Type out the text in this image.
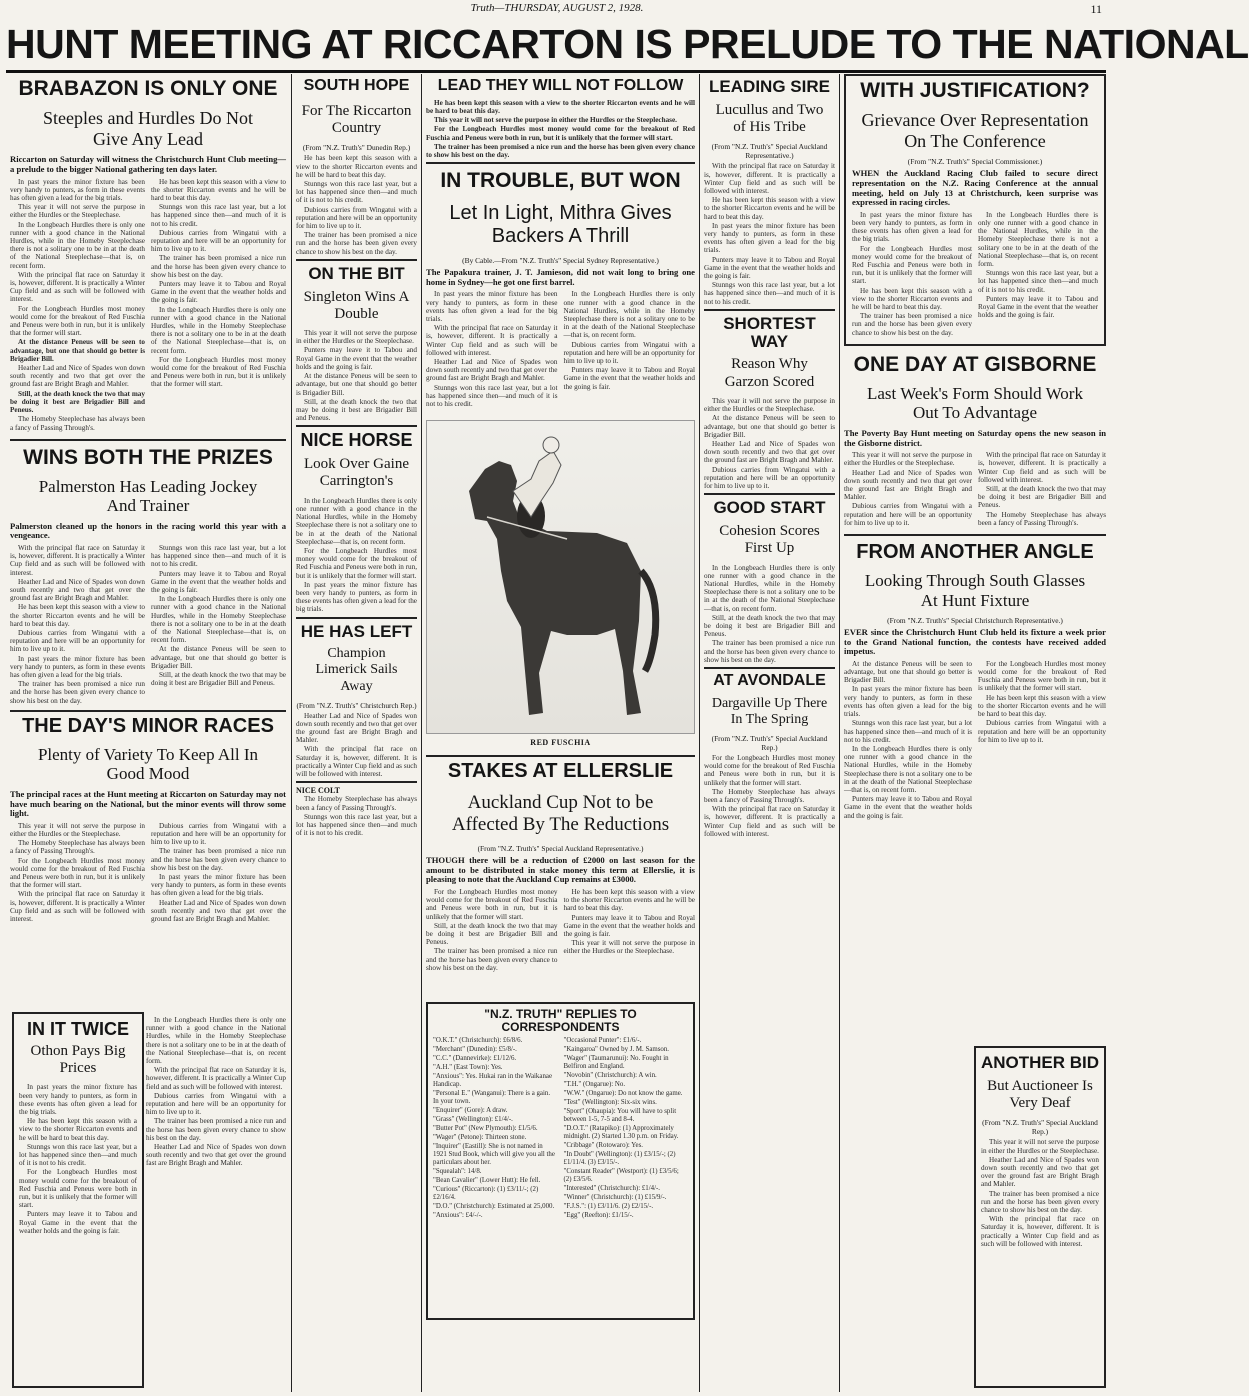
Truth—THURSDAY, AUGUST 2, 1928.	11
HUNT MEETING AT RICCARTON IS PRELUDE TO THE NATIONAL
BRABAZON IS ONLY ONE
Steeples and Hurdles Do Not Give Any Lead
Riccarton on Saturday will witness the Christchurch Hunt Club meeting—a prelude to the bigger National gathering ten days later.

In past years the minor fixture has been very handy to punters, as form in these events has often given a lead for the big trials.

This year it will not serve the purpose in either the Hurdles or the Steeplechase.

In the Longbeach Hurdles there is only one runner with a good chance in the National Hurdles, while in the Homeby Steeplechase there is not a solitary one to be in at the death of the National Steeplechase—that is, on recent form.

With the principal flat race on Saturday it is, however, different. It is practically a Winter Cup field and as such will be followed with interest.

For the Longbeach Hurdles most money would come for the breakout of Red Fuschia and Peneus were both in run, but it is unlikely that the former will start.

At the distance Peneus will be seen to advantage, but one that should go better is Brigadier Bill.

Heather Lad and Nice of Spades won down south recently and two that get over the ground fast are Bright Bragh and Mahler.

Still, at the death knock the two that may be doing it best are Brigadier Bill and Peneus.

The Homeby Steeplechase has always been a fancy of Passing Through's.

He has been kept this season with a view to the shorter Riccarton events and he will be hard to beat this day.

Stunngs won this race last year, but a lot has happened since then—and much of it is not to his credit.

Dubious carries from Wingatui with a reputation and here will be an opportunity for him to live up to it.

The trainer has been promised a nice run and the horse has been given every chance to show his best on the day.

Punters may leave it to Tabou and Royal Game in the event that the weather holds and the going is fair.

In the Longbeach Hurdles there is only one runner with a good chance in the National Hurdles, while in the Homeby Steeplechase there is not a solitary one to be in at the death of the National Steeplechase—that is, on recent form.

For the Longbeach Hurdles most money would come for the breakout of Red Fuschia and Peneus were both in run, but it is unlikely that the former will start.

WINS BOTH THE PRIZES
Palmerston Has Leading Jockey And Trainer
Palmerston cleaned up the honors in the racing world this year with a vengeance.

With the principal flat race on Saturday it is, however, different. It is practically a Winter Cup field and as such will be followed with interest.

Heather Lad and Nice of Spades won down south recently and two that get over the ground fast are Bright Bragh and Mahler.

He has been kept this season with a view to the shorter Riccarton events and he will be hard to beat this day.

Dubious carries from Wingatui with a reputation and here will be an opportunity for him to live up to it.

In past years the minor fixture has been very handy to punters, as form in these events has often given a lead for the big trials.

The trainer has been promised a nice run and the horse has been given every chance to show his best on the day.

Stunngs won this race last year, but a lot has happened since then—and much of it is not to his credit.

Punters may leave it to Tabou and Royal Game in the event that the weather holds and the going is fair.

In the Longbeach Hurdles there is only one runner with a good chance in the National Hurdles, while in the Homeby Steeplechase there is not a solitary one to be in at the death of the National Steeplechase—that is, on recent form.

At the distance Peneus will be seen to advantage, but one that should go better is Brigadier Bill.

Still, at the death knock the two that may be doing it best are Brigadier Bill and Peneus.

THE DAY'S MINOR RACES
Plenty of Variety To Keep All In Good Mood
The principal races at the Hunt meeting at Riccarton on Saturday may not have much bearing on the National, but the minor events will throw some light.

This year it will not serve the purpose in either the Hurdles or the Steeplechase.

The Homeby Steeplechase has always been a fancy of Passing Through's.

For the Longbeach Hurdles most money would come for the breakout of Red Fuschia and Peneus were both in run, but it is unlikely that the former will start.

With the principal flat race on Saturday it is, however, different. It is practically a Winter Cup field and as such will be followed with interest.

Dubious carries from Wingatui with a reputation and here will be an opportunity for him to live up to it.

The trainer has been promised a nice run and the horse has been given every chance to show his best on the day.

In past years the minor fixture has been very handy to punters, as form in these events has often given a lead for the big trials.

Heather Lad and Nice of Spades won down south recently and two that get over the ground fast are Bright Bragh and Mahler.

IN IT TWICE
Othon Pays Big Prices

In past years the minor fixture has been very handy to punters, as form in these events has often given a lead for the big trials.

He has been kept this season with a view to the shorter Riccarton events and he will be hard to beat this day.

Stunngs won this race last year, but a lot has happened since then—and much of it is not to his credit.

For the Longbeach Hurdles most money would come for the breakout of Red Fuschia and Peneus were both in run, but it is unlikely that the former will start.

Punters may leave it to Tabou and Royal Game in the event that the weather holds and the going is fair.

In the Longbeach Hurdles there is only one runner with a good chance in the National Hurdles, while in the Homeby Steeplechase there is not a solitary one to be in at the death of the National Steeplechase—that is, on recent form.

With the principal flat race on Saturday it is, however, different. It is practically a Winter Cup field and as such will be followed with interest.

Dubious carries from Wingatui with a reputation and here will be an opportunity for him to live up to it.

The trainer has been promised a nice run and the horse has been given every chance to show his best on the day.

Heather Lad and Nice of Spades won down south recently and two that get over the ground fast are Bright Bragh and Mahler.

SOUTH HOPE
For The Riccarton Country
(From "N.Z. Truth's" Dunedin Rep.)

He has been kept this season with a view to the shorter Riccarton events and he will be hard to beat this day.

Stunngs won this race last year, but a lot has happened since then—and much of it is not to his credit.

Dubious carries from Wingatui with a reputation and here will be an opportunity for him to live up to it.

The trainer has been promised a nice run and the horse has been given every chance to show his best on the day.

ON THE BIT
Singleton Wins A Double

This year it will not serve the purpose in either the Hurdles or the Steeplechase.

Punters may leave it to Tabou and Royal Game in the event that the weather holds and the going is fair.

At the distance Peneus will be seen to advantage, but one that should go better is Brigadier Bill.

Still, at the death knock the two that may be doing it best are Brigadier Bill and Peneus.

NICE HORSE
Look Over Gaine Carrington's

In the Longbeach Hurdles there is only one runner with a good chance in the National Hurdles, while in the Homeby Steeplechase there is not a solitary one to be in at the death of the National Steeplechase—that is, on recent form.

For the Longbeach Hurdles most money would come for the breakout of Red Fuschia and Peneus were both in run, but it is unlikely that the former will start.

In past years the minor fixture has been very handy to punters, as form in these events has often given a lead for the big trials.

HE HAS LEFT
Champion Limerick Sails Away
(From "N.Z. Truth's" Christchurch Rep.)

Heather Lad and Nice of Spades won down south recently and two that get over the ground fast are Bright Bragh and Mahler.

With the principal flat race on Saturday it is, however, different. It is practically a Winter Cup field and as such will be followed with interest.

NICE COLT

The Homeby Steeplechase has always been a fancy of Passing Through's.

Stunngs won this race last year, but a lot has happened since then—and much of it is not to his credit.

LEAD THEY WILL NOT FOLLOW

He has been kept this season with a view to the shorter Riccarton events and he will be hard to beat this day.

This year it will not serve the purpose in either the Hurdles or the Steeplechase.

For the Longbeach Hurdles most money would come for the breakout of Red Fuschia and Peneus were both in run, but it is unlikely that the former will start.

The trainer has been promised a nice run and the horse has been given every chance to show his best on the day.

IN TROUBLE, BUT WON
Let In Light, Mithra Gives Backers A Thrill
(By Cable.—From "N.Z. Truth's" Special Sydney Representative.)
The Papakura trainer, J. T. Jamieson, did not wait long to bring one home in Sydney—he got one first barrel.

In past years the minor fixture has been very handy to punters, as form in these events has often given a lead for the big trials.

With the principal flat race on Saturday it is, however, different. It is practically a Winter Cup field and as such will be followed with interest.

Heather Lad and Nice of Spades won down south recently and two that get over the ground fast are Bright Bragh and Mahler.

Stunngs won this race last year, but a lot has happened since then—and much of it is not to his credit.

In the Longbeach Hurdles there is only one runner with a good chance in the National Hurdles, while in the Homeby Steeplechase there is not a solitary one to be in at the death of the National Steeplechase—that is, on recent form.

Dubious carries from Wingatui with a reputation and here will be an opportunity for him to live up to it.

Punters may leave it to Tabou and Royal Game in the event that the weather holds and the going is fair.

RED FUSCHIA
STAKES AT ELLERSLIE
Auckland Cup Not to be Affected By The Reductions
(From "N.Z. Truth's" Special Auckland Representative.)
THOUGH there will be a reduction of £2000 on last season for the amount to be distributed in stake money this term at Ellerslie, it is pleasing to note that the Auckland Cup remains at £3000.

For the Longbeach Hurdles most money would come for the breakout of Red Fuschia and Peneus were both in run, but it is unlikely that the former will start.

Still, at the death knock the two that may be doing it best are Brigadier Bill and Peneus.

The trainer has been promised a nice run and the horse has been given every chance to show his best on the day.

He has been kept this season with a view to the shorter Riccarton events and he will be hard to beat this day.

Punters may leave it to Tabou and Royal Game in the event that the weather holds and the going is fair.

This year it will not serve the purpose in either the Hurdles or the Steeplechase.

"N.Z. TRUTH" REPLIES TO CORRESPONDENTS
"O.K.T." (Christchurch): £6/8/6.
"Merchant" (Dunedin): £5/8/-.
"C.C." (Dannevirke): £1/12/6.
"A.H." (East Town): Yes.
"Anxious": Yes. Hukai ran in the Waikanae Handicap.
"Personal E." (Wanganui): There is a gain. In your town.
"Enquirer" (Gore): A draw.
"Grass" (Wellington): £1/4/-.
"Butter Pot" (New Plymouth): £1/5/6.
"Wager" (Petone): Thirteen stone.
"Inquirer" (Eastill): She is not named in 1921 Stud Book, which will give you all the particulars about her.
"Squealah": 14/8.
"Bean Cavalier" (Lower Hutt): He fell.
"Curious" (Riccarton): (1) £3/11/-; (2) £2/16/4.
"D.O." (Christchurch): Estimated at 25,000.
"Anxious": £4/-/-.
"Occasional Punter": £1/6/-.
"Kaingaroa" Owned by J. M. Samson.
"Wager" (Taumarunui): No. Fought in Belfiron and England.
"Novobin" (Christchurch): A win.
"T.H." (Ongarue): No.
"W.W." (Ongarue): Do not know the game.
"Test" (Wellington): Six-six wins.
"Sport" (Ohaupia): You will have to split between 1-5, 7-5 and 8-4.
"D.O.T." (Ratapiko): (1) Approximately midnight. (2) Started 1.30 p.m. on Friday.
"Cribbage" (Rotowaro): Yes.
"In Doubt" (Wellington): (1) £3/15/-; (2) £1/11/4. (3) £3/15/-.
"Constant Reader" (Westport): (1) £3/5/6; (2) £3/5/6.
"Interested" (Christchurch): £1/4/-.
"Winner" (Christchurch): (1) £15/9/-.
"F.J.S.": (1) £3/11/6. (2) £2/15/-.
"Egg" (Reefton): £1/15/-.
LEADING SIRE
Lucullus and Two of His Tribe
(From "N.Z. Truth's" Special Auckland Representative.)

With the principal flat race on Saturday it is, however, different. It is practically a Winter Cup field and as such will be followed with interest.

He has been kept this season with a view to the shorter Riccarton events and he will be hard to beat this day.

In past years the minor fixture has been very handy to punters, as form in these events has often given a lead for the big trials.

Punters may leave it to Tabou and Royal Game in the event that the weather holds and the going is fair.

Stunngs won this race last year, but a lot has happened since then—and much of it is not to his credit.

SHORTEST WAY
Reason Why Garzon Scored

This year it will not serve the purpose in either the Hurdles or the Steeplechase.

At the distance Peneus will be seen to advantage, but one that should go better is Brigadier Bill.

Heather Lad and Nice of Spades won down south recently and two that get over the ground fast are Bright Bragh and Mahler.

Dubious carries from Wingatui with a reputation and here will be an opportunity for him to live up to it.

GOOD START
Cohesion Scores First Up

In the Longbeach Hurdles there is only one runner with a good chance in the National Hurdles, while in the Homeby Steeplechase there is not a solitary one to be in at the death of the National Steeplechase—that is, on recent form.

Still, at the death knock the two that may be doing it best are Brigadier Bill and Peneus.

The trainer has been promised a nice run and the horse has been given every chance to show his best on the day.

AT AVONDALE
Dargaville Up There In The Spring
(From "N.Z. Truth's" Special Auckland Rep.)

For the Longbeach Hurdles most money would come for the breakout of Red Fuschia and Peneus were both in run, but it is unlikely that the former will start.

The Homeby Steeplechase has always been a fancy of Passing Through's.

With the principal flat race on Saturday it is, however, different. It is practically a Winter Cup field and as such will be followed with interest.

WITH JUSTIFICATION?
Grievance Over Representation On The Conference
(From "N.Z. Truth's" Special Commissioner.)
WHEN the Auckland Racing Club failed to secure direct representation on the N.Z. Racing Conference at the annual meeting, held on July 13 at Christchurch, keen surprise was expressed in racing circles.

In past years the minor fixture has been very handy to punters, as form in these events has often given a lead for the big trials.

For the Longbeach Hurdles most money would come for the breakout of Red Fuschia and Peneus were both in run, but it is unlikely that the former will start.

He has been kept this season with a view to the shorter Riccarton events and he will be hard to beat this day.

The trainer has been promised a nice run and the horse has been given every chance to show his best on the day.

In the Longbeach Hurdles there is only one runner with a good chance in the National Hurdles, while in the Homeby Steeplechase there is not a solitary one to be in at the death of the National Steeplechase—that is, on recent form.

Stunngs won this race last year, but a lot has happened since then—and much of it is not to his credit.

Punters may leave it to Tabou and Royal Game in the event that the weather holds and the going is fair.

ONE DAY AT GISBORNE
Last Week's Form Should Work Out To Advantage
The Poverty Bay Hunt meeting on Saturday opens the new season in the Gisborne district.

This year it will not serve the purpose in either the Hurdles or the Steeplechase.

Heather Lad and Nice of Spades won down south recently and two that get over the ground fast are Bright Bragh and Mahler.

Dubious carries from Wingatui with a reputation and here will be an opportunity for him to live up to it.

With the principal flat race on Saturday it is, however, different. It is practically a Winter Cup field and as such will be followed with interest.

Still, at the death knock the two that may be doing it best are Brigadier Bill and Peneus.

The Homeby Steeplechase has always been a fancy of Passing Through's.

FROM ANOTHER ANGLE
Looking Through South Glasses At Hunt Fixture
(From "N.Z. Truth's" Special Christchurch Representative.)
EVER since the Christchurch Hunt Club held its fixture a week prior to the Grand National function, the contests have received added impetus.

At the distance Peneus will be seen to advantage, but one that should go better is Brigadier Bill.

In past years the minor fixture has been very handy to punters, as form in these events has often given a lead for the big trials.

Stunngs won this race last year, but a lot has happened since then—and much of it is not to his credit.

In the Longbeach Hurdles there is only one runner with a good chance in the National Hurdles, while in the Homeby Steeplechase there is not a solitary one to be in at the death of the National Steeplechase—that is, on recent form.

Punters may leave it to Tabou and Royal Game in the event that the weather holds and the going is fair.

For the Longbeach Hurdles most money would come for the breakout of Red Fuschia and Peneus were both in run, but it is unlikely that the former will start.

He has been kept this season with a view to the shorter Riccarton events and he will be hard to beat this day.

Dubious carries from Wingatui with a reputation and here will be an opportunity for him to live up to it.

ANOTHER BID
But Auctioneer Is Very Deaf
(From "N.Z. Truth's" Special Auckland Rep.)

This year it will not serve the purpose in either the Hurdles or the Steeplechase.

Heather Lad and Nice of Spades won down south recently and two that get over the ground fast are Bright Bragh and Mahler.

The trainer has been promised a nice run and the horse has been given every chance to show his best on the day.

With the principal flat race on Saturday it is, however, different. It is practically a Winter Cup field and as such will be followed with interest.
